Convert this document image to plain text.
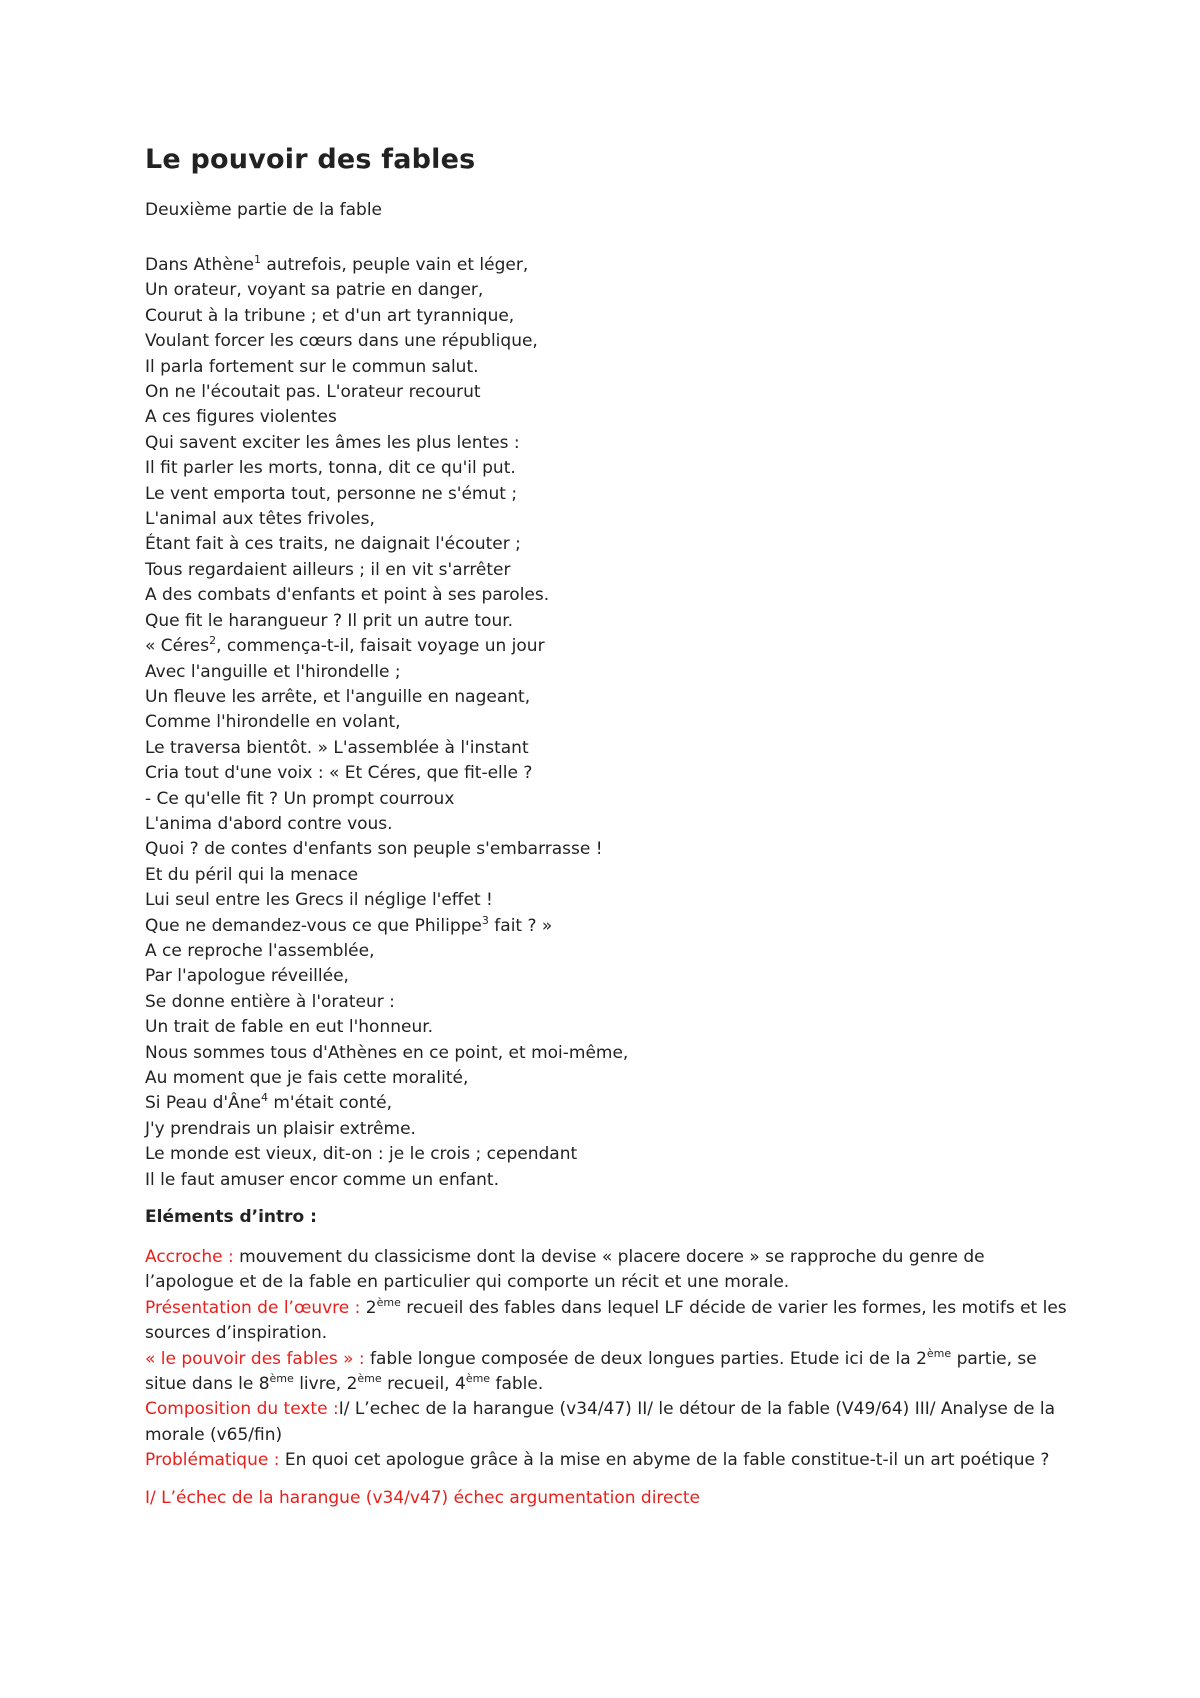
Le pouvoir des fables
Deuxième partie de la fable
Dans Athène$^1$ autrefois, peuple vain et léger,
Un orateur, voyant sa patrie en danger,
Courut à la tribune ; et d'un art tyrannique,
Voulant forcer les cœurs dans une république,
Il parla fortement sur le commun salut.
On ne l'écoutait pas. L'orateur recourut
A ces figures violentes
Qui savent exciter les âmes les plus lentes :
Il fit parler les morts, tonna, dit ce qu'il put.
Le vent emporta tout, personne ne s'émut ;
L'animal aux têtes frivoles,
Étant fait à ces traits, ne daignait l'écouter ;
Tous regardaient ailleurs ; il en vit s'arrêter
A des combats d'enfants et point à ses paroles.
Que fit le harangueur ? Il prit un autre tour.
« Céres$^2$, commença-t-il, faisait voyage un jour
Avec l'anguille et l'hirondelle ;
Un fleuve les arrête, et l'anguille en nageant,
Comme l'hirondelle en volant,
Le traversa bientôt. » L'assemblée à l'instant
Cria tout d'une voix : « Et Céres, que fit-elle ?
- Ce qu'elle fit ? Un prompt courroux
L'anima d'abord contre vous.
Quoi ? de contes d'enfants son peuple s'embarrasse !
Et du péril qui la menace
Lui seul entre les Grecs il néglige l'effet !
Que ne demandez-vous ce que Philippe$^3$ fait ? »
A ce reproche l'assemblée,
Par l'apologue réveillée,
Se donne entière à l'orateur :
Un trait de fable en eut l'honneur.
Nous sommes tous d'Athènes en ce point, et moi-même,
Au moment que je fais cette moralité,
Si Peau d'Âne$^4$ m'était conté,
J'y prendrais un plaisir extrême.
Le monde est vieux, dit-on : je le crois ; cependant
Il le faut amuser encor comme un enfant.
Eléments d’intro :

Accroche : mouvement du classicisme dont la devise « placere docere » se rapproche du genre de l’apologue et de la fable en particulier qui comporte un récit et une morale.

Présentation de l’œuvre : 2ème recueil des fables dans lequel LF décide de varier les formes, les motifs et les sources d’inspiration.

« le pouvoir des fables » : fable longue composée de deux longues parties. Etude ici de la 2ème partie, se situe dans le 8ème livre, 2ème recueil, 4ème fable.

Composition du texte :I/ L’echec de la harangue (v34/47) II/ le détour de la fable (V49/64) III/ Analyse de la morale (v65/fin)

Problématique : En quoi cet apologue grâce à la mise en abyme de la fable constitue-t-il un art poétique ?

I/ L’échec de la harangue (v34/v47) échec argumentation directe
